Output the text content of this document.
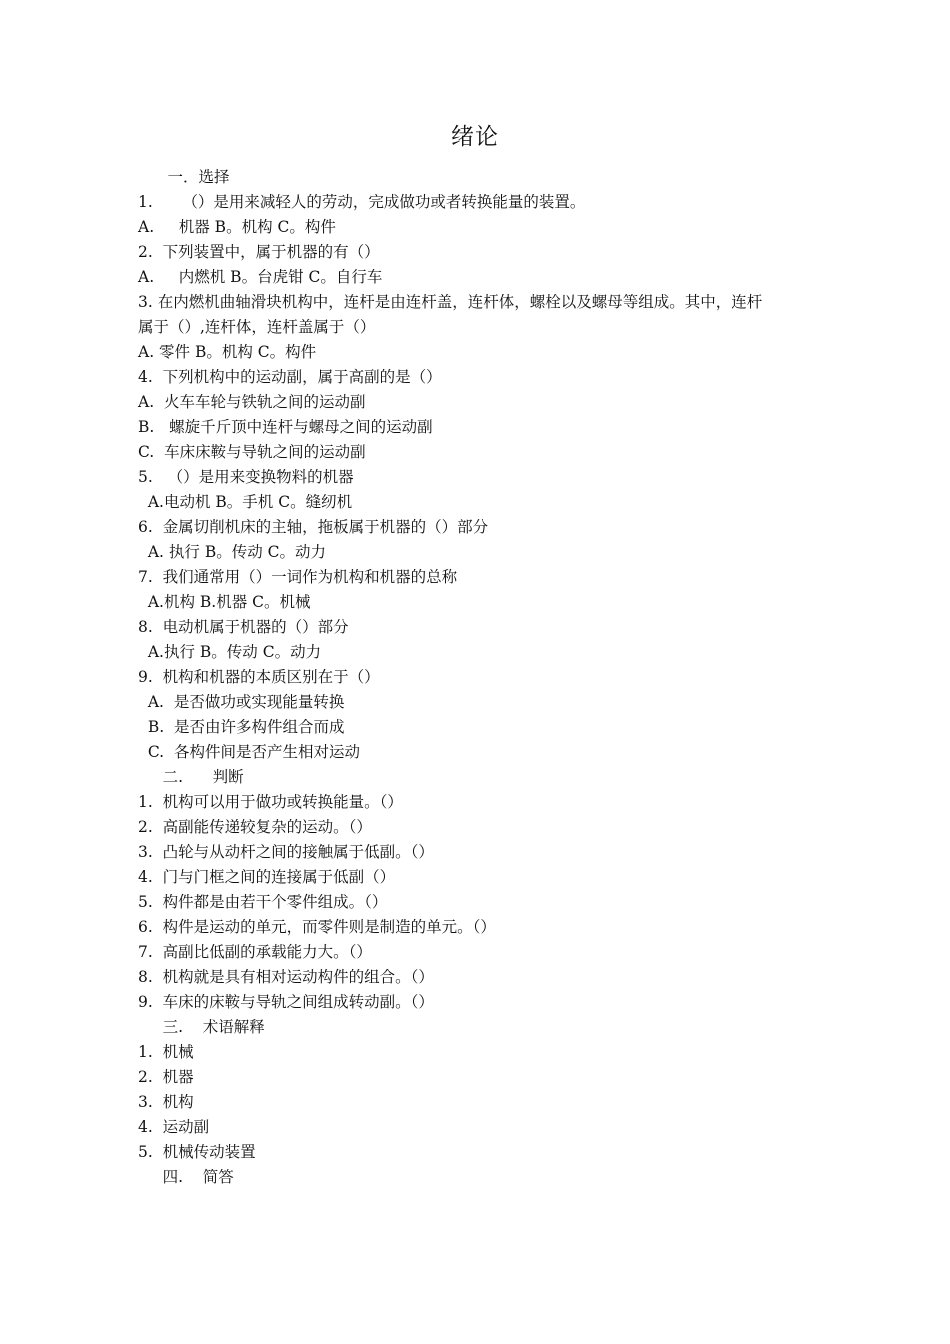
绪论
一．选择
1.      （）是用来减轻人的劳动，完成做功或者转换能量的装置。
A.     机器 B。机构 C。构件
2.  下列装置中，属于机器的有（）
A.     内燃机 B。台虎钳 C。自行车
3. 在内燃机曲轴滑块机构中，连杆是由连杆盖，连杆体，螺栓以及螺母等组成。其中，连杆
属于（）,连杆体，连杆盖属于（）
A. 零件 B。机构 C。构件
4.  下列机构中的运动副，属于高副的是（）
A.  火车车轮与铁轨之间的运动副
B.   螺旋千斤顶中连杆与螺母之间的运动副
C.  车床床鞍与导轨之间的运动副
5.   （）是用来变换物料的机器
A.电动机 B。手机 C。缝纫机
6.  金属切削机床的主轴，拖板属于机器的（）部分
A. 执行 B。传动 C。动力
7.  我们通常用（）一词作为机构和机器的总称
A.机构 B.机器 C。机械
8.  电动机属于机器的（）部分
A.执行 B。传动 C。动力
9.  机构和机器的本质区别在于（）
A.  是否做功或实现能量转换
B.  是否由许多构件组合而成
C.  各构件间是否产生相对运动
二.      判断
1.  机构可以用于做功或转换能量。（）
2.  高副能传递较复杂的运动。（）
3.  凸轮与从动杆之间的接触属于低副。（）
4.  门与门框之间的连接属于低副（）
5.  构件都是由若干个零件组成。（）
6.  构件是运动的单元，而零件则是制造的单元。（）
7.  高副比低副的承载能力大。（）
8.  机构就是具有相对运动构件的组合。（）
9.  车床的床鞍与导轨之间组成转动副。（）
三.    术语解释
1.  机械
2.  机器
3.  机构
4.  运动副
5.  机械传动装置
四.    简答
